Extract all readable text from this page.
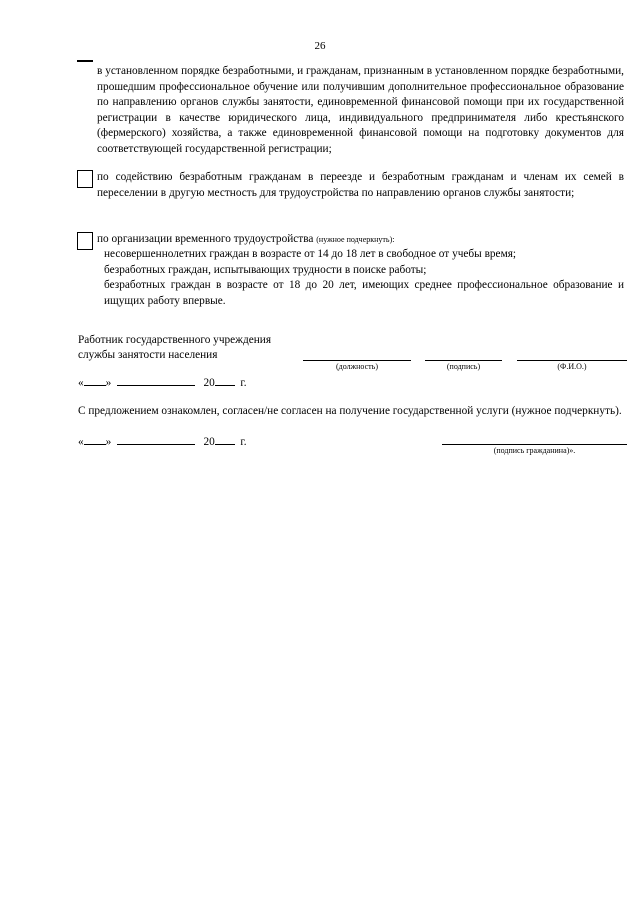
26
в установленном порядке безработными, и гражданам, признанным в установленном порядке безработными, прошедшим профессиональное обучение или получившим дополнительное профессиональное образование по направлению органов службы занятости, единовременной финансовой помощи при их государственной регистрации в качестве юридического лица, индивидуального предпринимателя либо крестьянского (фермерского) хозяйства, а также единовременной финансовой помощи на подготовку документов для соответствующей государственной регистрации;
по содействию безработным гражданам в переезде и безработным гражданам и членам их семей в переселении в другую местность для трудоустройства по направлению органов службы занятости;
по организации временного трудоустройства (нужное подчеркнуть):
несовершеннолетних граждан в возрасте от 14 до 18 лет в свободное от учебы время;
безработных граждан, испытывающих трудности в поиске работы;
безработных граждан в возрасте от 18 до 20 лет, имеющих среднее профессиональное образование и ищущих работу впервые.
Работник государственного учреждения
службы занятости населения
(должность)	(подпись)	(Ф.И.О.)
« »	20 г.
С предложением ознакомлен, согласен/не согласен на получение государственной услуги (нужное подчеркнуть).
« »	20 г.
(подпись гражданина)».
